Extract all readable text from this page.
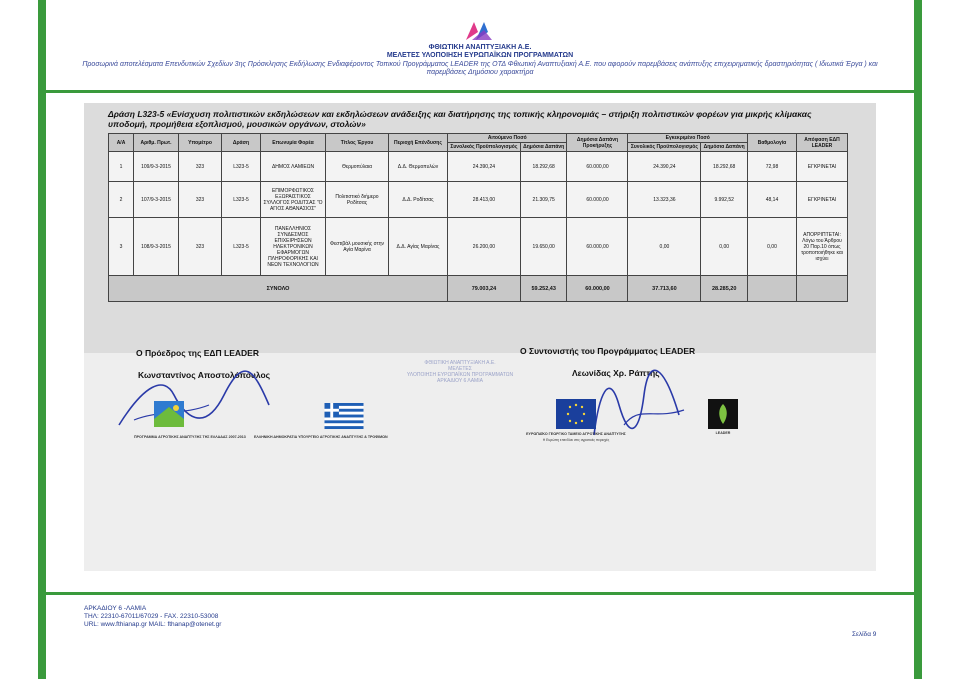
ΦΘΙΩΤΙΚΗ ΑΝΑΠΤΥΞΙΑΚΗ Α.Ε.
ΜΕΛΕΤΕΣ ΥΛΟΠΟΙΗΣΗ ΕΥΡΩΠΑΪΚΩΝ ΠΡΟΓΡΑΜΜΑΤΩΝ
Προσωρινά αποτελέσματα Επενδυτικών Σχεδίων 3ης Πρόσκλησης Εκδήλωσης Ενδιαφέροντος Τοπικού Προγράμματος LEADER της ΟΤΔ Φθιωτική Αναπτυξιακή Α.Ε. που αφορούν παρεμβάσεις ανάπτυξης επιχειρηματικής δραστηριότητας ( Ιδιωτικά Έργα ) και παρεμβάσεις Δημόσιου χαρακτήρα
Δράση L323-5 «Ενίσχυση πολιτιστικών εκδηλώσεων και εκδηλώσεων ανάδειξης και διατήρησης της τοπικής κληρονομιάς – στήριξη πολιτιστικών φορέων για μικρής κλίμακας υποδομή, προμήθεια εξοπλισμού, μουσικών οργάνων, στολών»
Α/Α	Αριθμ. Πρωτ.	Υπομέτρο	Δράση	Επωνυμία Φορέα	Τίτλος Έργου	Περιοχή Επένδυσης	Αιτούμενο Ποσό		Δημόσια Δαπάνη Προκήρυξης	Εγκεκριμένο Ποσό		Βαθμολογία	Απόφαση ΕΔΠ LEADER
							Συνολικός Προϋπολογισμός	Δημόσια Δαπάνη		Συνολικός Προϋπολογισμός	Δημόσια Δαπάνη		
1	109/9-3-2015	323	L323-5	ΔΗΜΟΣ ΛΑΜΙΕΩΝ	Θερμοπύλαια	Δ.Δ. Θερμοπυλών	24.390,24	18.292,68	60.000,00	24.390,24	18.292,68	72,98	ΕΓΚΡΙΝΕΤΑΙ
2	107/9-3-2015	323	L323-5	ΕΠΙΜΟΡΦΩΤΙΚΟΣ ΕΞΩΡΑΙΣΤΙΚΟΣ ΣΥΛΛΟΓΟΣ ΡΟΔΙΤΣΑΣ "Ο ΑΓΙΟΣ ΑΘΑΝΑΣΙΟΣ"	Πολιτιστικό διήμερο Ροδίτσας	Δ.Δ. Ροδίτσας	28.413,00	21.309,75	60.000,00	13.323,36	9.992,52	48,14	ΕΓΚΡΙΝΕΤΑΙ
3	108/9-3-2015	323	L323-5	ΠΑΝΕΛΛΗΝΙΟΣ ΣΥΝΔΕΣΜΟΣ ΕΠΙΧΕΙΡΗΣΕΩΝ ΗΛΕΚΤΡΟΝΙΚΩΝ ΕΦΑΡΜΟΓΩΝ ΠΛΗΡΟΦΟΡΙΚΗΣ ΚΑΙ ΝΕΩΝ ΤΕΧΝΟΛΟΓΙΩΝ	Φεστιβάλ μουσικής στην Αγία Μαρίνα	Δ.Δ. Αγίας Μαρίνας	26.200,00	19.650,00	60.000,00	0,00	0,00	0,00	ΑΠΟΡΡΙΠΤΕΤΑΙ: Λόγω του Άρθρου 20 Παρ.10 όπως τροποποιήθηκε και ισχύει
ΣΥΝΟΛΟ							79.003,24	59.252,43	60.000,00	37.713,60	28.285,20		
Ο Πρόεδρος της ΕΔΠ LEADER
Κωνσταντίνος Αποστολόπουλος
Ο Συντονιστής του Προγράμματος LEADER
Λεωνίδας Χρ. Ράπτης
ΦΘΙΩΤΙΚΗ ΑΝΑΠΤΥΞΙΑΚΗ Α.Ε.
ΜΕΛΕΤΕΣ
ΥΛΟΠΟΙΗΣΗ ΕΥΡΩΠΑΪΚΩΝ ΠΡΟΓΡΑΜΜΑΤΩΝ
ΑΡΚΑΔΙΟΥ 6 ΛΑΜΙΑ
ΠΡΟΓΡΑΜΜΑ ΑΓΡΟΤΙΚΗΣ ΑΝΑΠΤΥΞΗΣ ΤΗΣ ΕΛΛΑΔΑΣ 2007-2013	ΕΛΛΗΝΙΚΗ ΔΗΜΟΚΡΑΤΙΑ ΥΠΟΥΡΓΕΙΟ ΑΓΡΟΤΙΚΗΣ ΑΝΑΠΤΥΞΗΣ & ΤΡΟΦΙΜΩΝ
ΕΥΡΩΠΑΪΚΟ ΓΕΩΡΓΙΚΟ ΤΑΜΕΙΟ ΑΓΡΟΤΙΚΗΣ ΑΝΑΠΤΥΞΗΣ
Η Ευρώπη επενδύει στις αγροτικές περιοχές
LEADER
ΑΡΚΑΔΙΟΥ 6 -ΛΑΜΙΑ
ΤΗΛ: 22310-67011/67029 - FAX. 22310-53008
URL: www.fthianap.gr MAIL: fthanap@otenet.gr
Σελίδα 9
